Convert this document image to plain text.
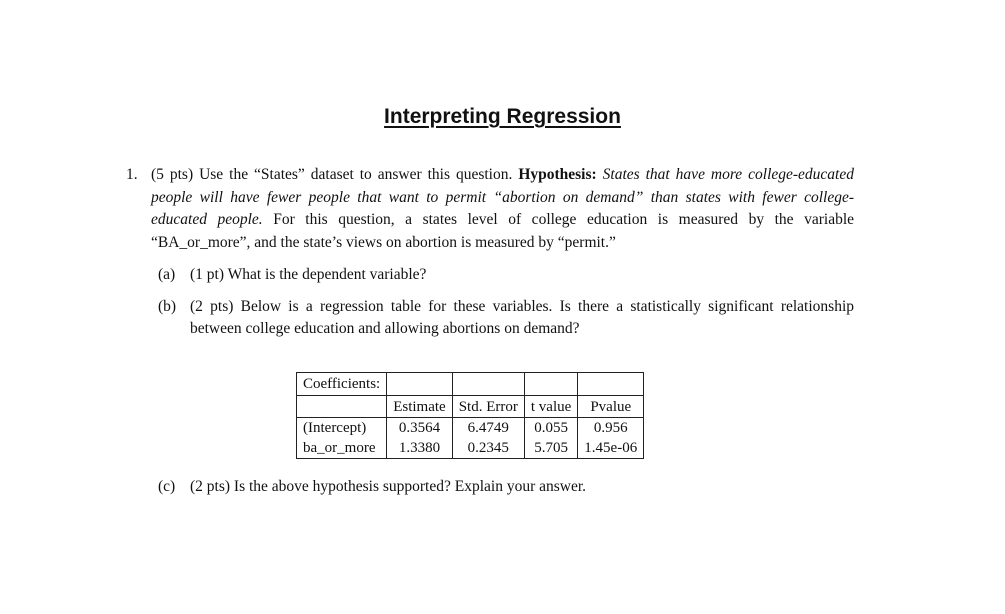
Interpreting Regression
1. (5 pts) Use the “States” dataset to answer this question. Hypothesis: States that have more college-educated people will have fewer people that want to permit “abortion on demand” than states with fewer college-educated people. For this question, a states level of college education is measured by the variable “BA_or_more”, and the state’s views on abortion is measured by “permit.”
(a) (1 pt) What is the dependent variable?
(b) (2 pts) Below is a regression table for these variables. Is there a statistically significant relationship between college education and allowing abortions on demand?
Coefficients:				
	Estimate	Std. Error	t value	Pvalue
(Intercept)	0.3564	6.4749	0.055	0.956
ba_or_more	1.3380	0.2345	5.705	1.45e-06
(c) (2 pts) Is the above hypothesis supported? Explain your answer.
